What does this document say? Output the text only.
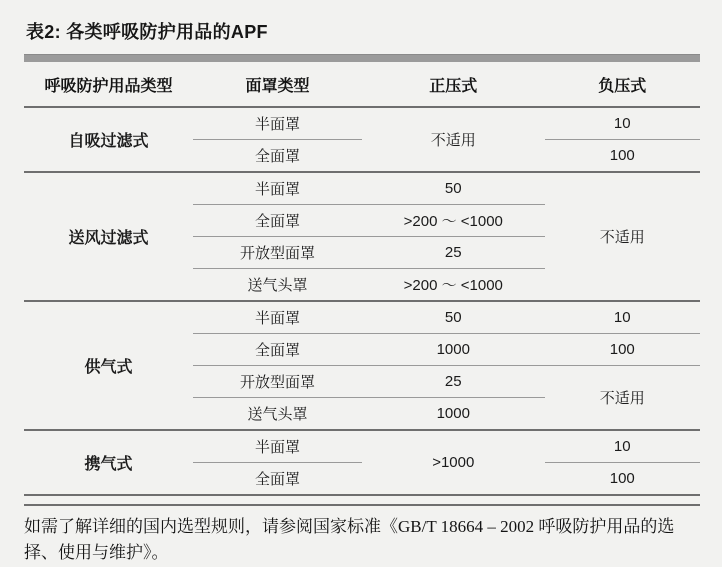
表2: 各类呼吸防护用品的APF
呼吸防护用品类型	面罩类型	正压式	负压式
自吸过滤式	半面罩	不适用	10
	全面罩		100
送风过滤式	半面罩	50	不适用
	全面罩	>200 ～ <1000	
	开放型面罩	25	
	送气头罩	>200 ～ <1000	
供气式	半面罩	50	10
	全面罩	1000	100
	开放型面罩	25	不适用
	送气头罩	1000	
携气式	半面罩	>1000	10
	全面罩		100
如需了解详细的国内选型规则，请参阅国家标准《GB/T 18664 – 2002 呼吸防护用品的选择、使用与维护》。
